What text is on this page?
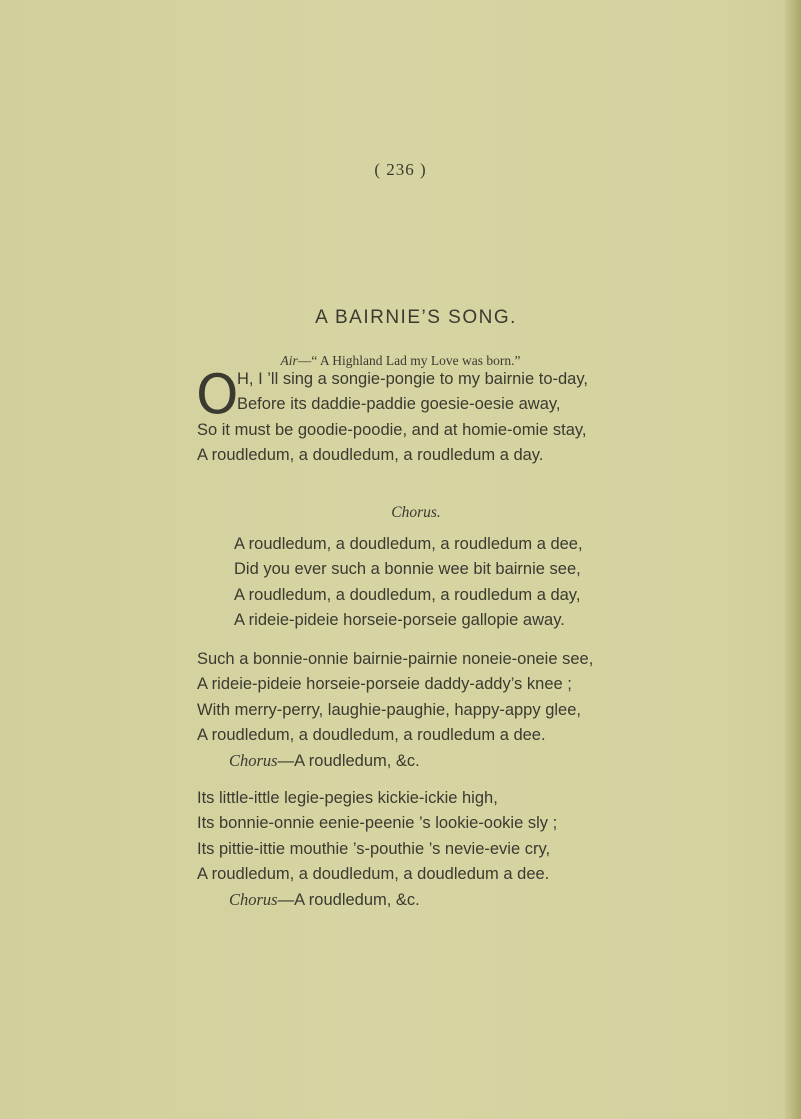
( 236 )
A BAIRNIE’S SONG.
Air—“ A Highland Lad my Love was born.”
O
H, I ’ll sing a songie-pongie to my bairnie to-day,
Before its daddie-paddie goesie-oesie away,
So it must be goodie-poodie, and at homie-omie stay,
A roudledum, a doudledum, a roudledum a day.
Chorus.
A roudledum, a doudledum, a roudledum a dee,
Did you ever such a bonnie wee bit bairnie see,
A roudledum, a doudledum, a roudledum a day,
A rideie-pideie horseie-porseie gallopie away.
Such a bonnie-onnie bairnie-pairnie noneie-oneie see,
A rideie-pideie horseie-porseie daddy-addy’s knee ;
With merry-perry, laughie-paughie, happy-appy glee,
A roudledum, a doudledum, a roudledum a dee.
Chorus—A roudledum, &c.
Its little-ittle legie-pegies kickie-ickie high,
Its bonnie-onnie eenie-peenie ’s lookie-ookie sly ;
Its pittie-ittie mouthie ’s-pouthie ’s nevie-evie cry,
A roudledum, a doudledum, a doudledum a dee.
Chorus—A roudledum, &c.
